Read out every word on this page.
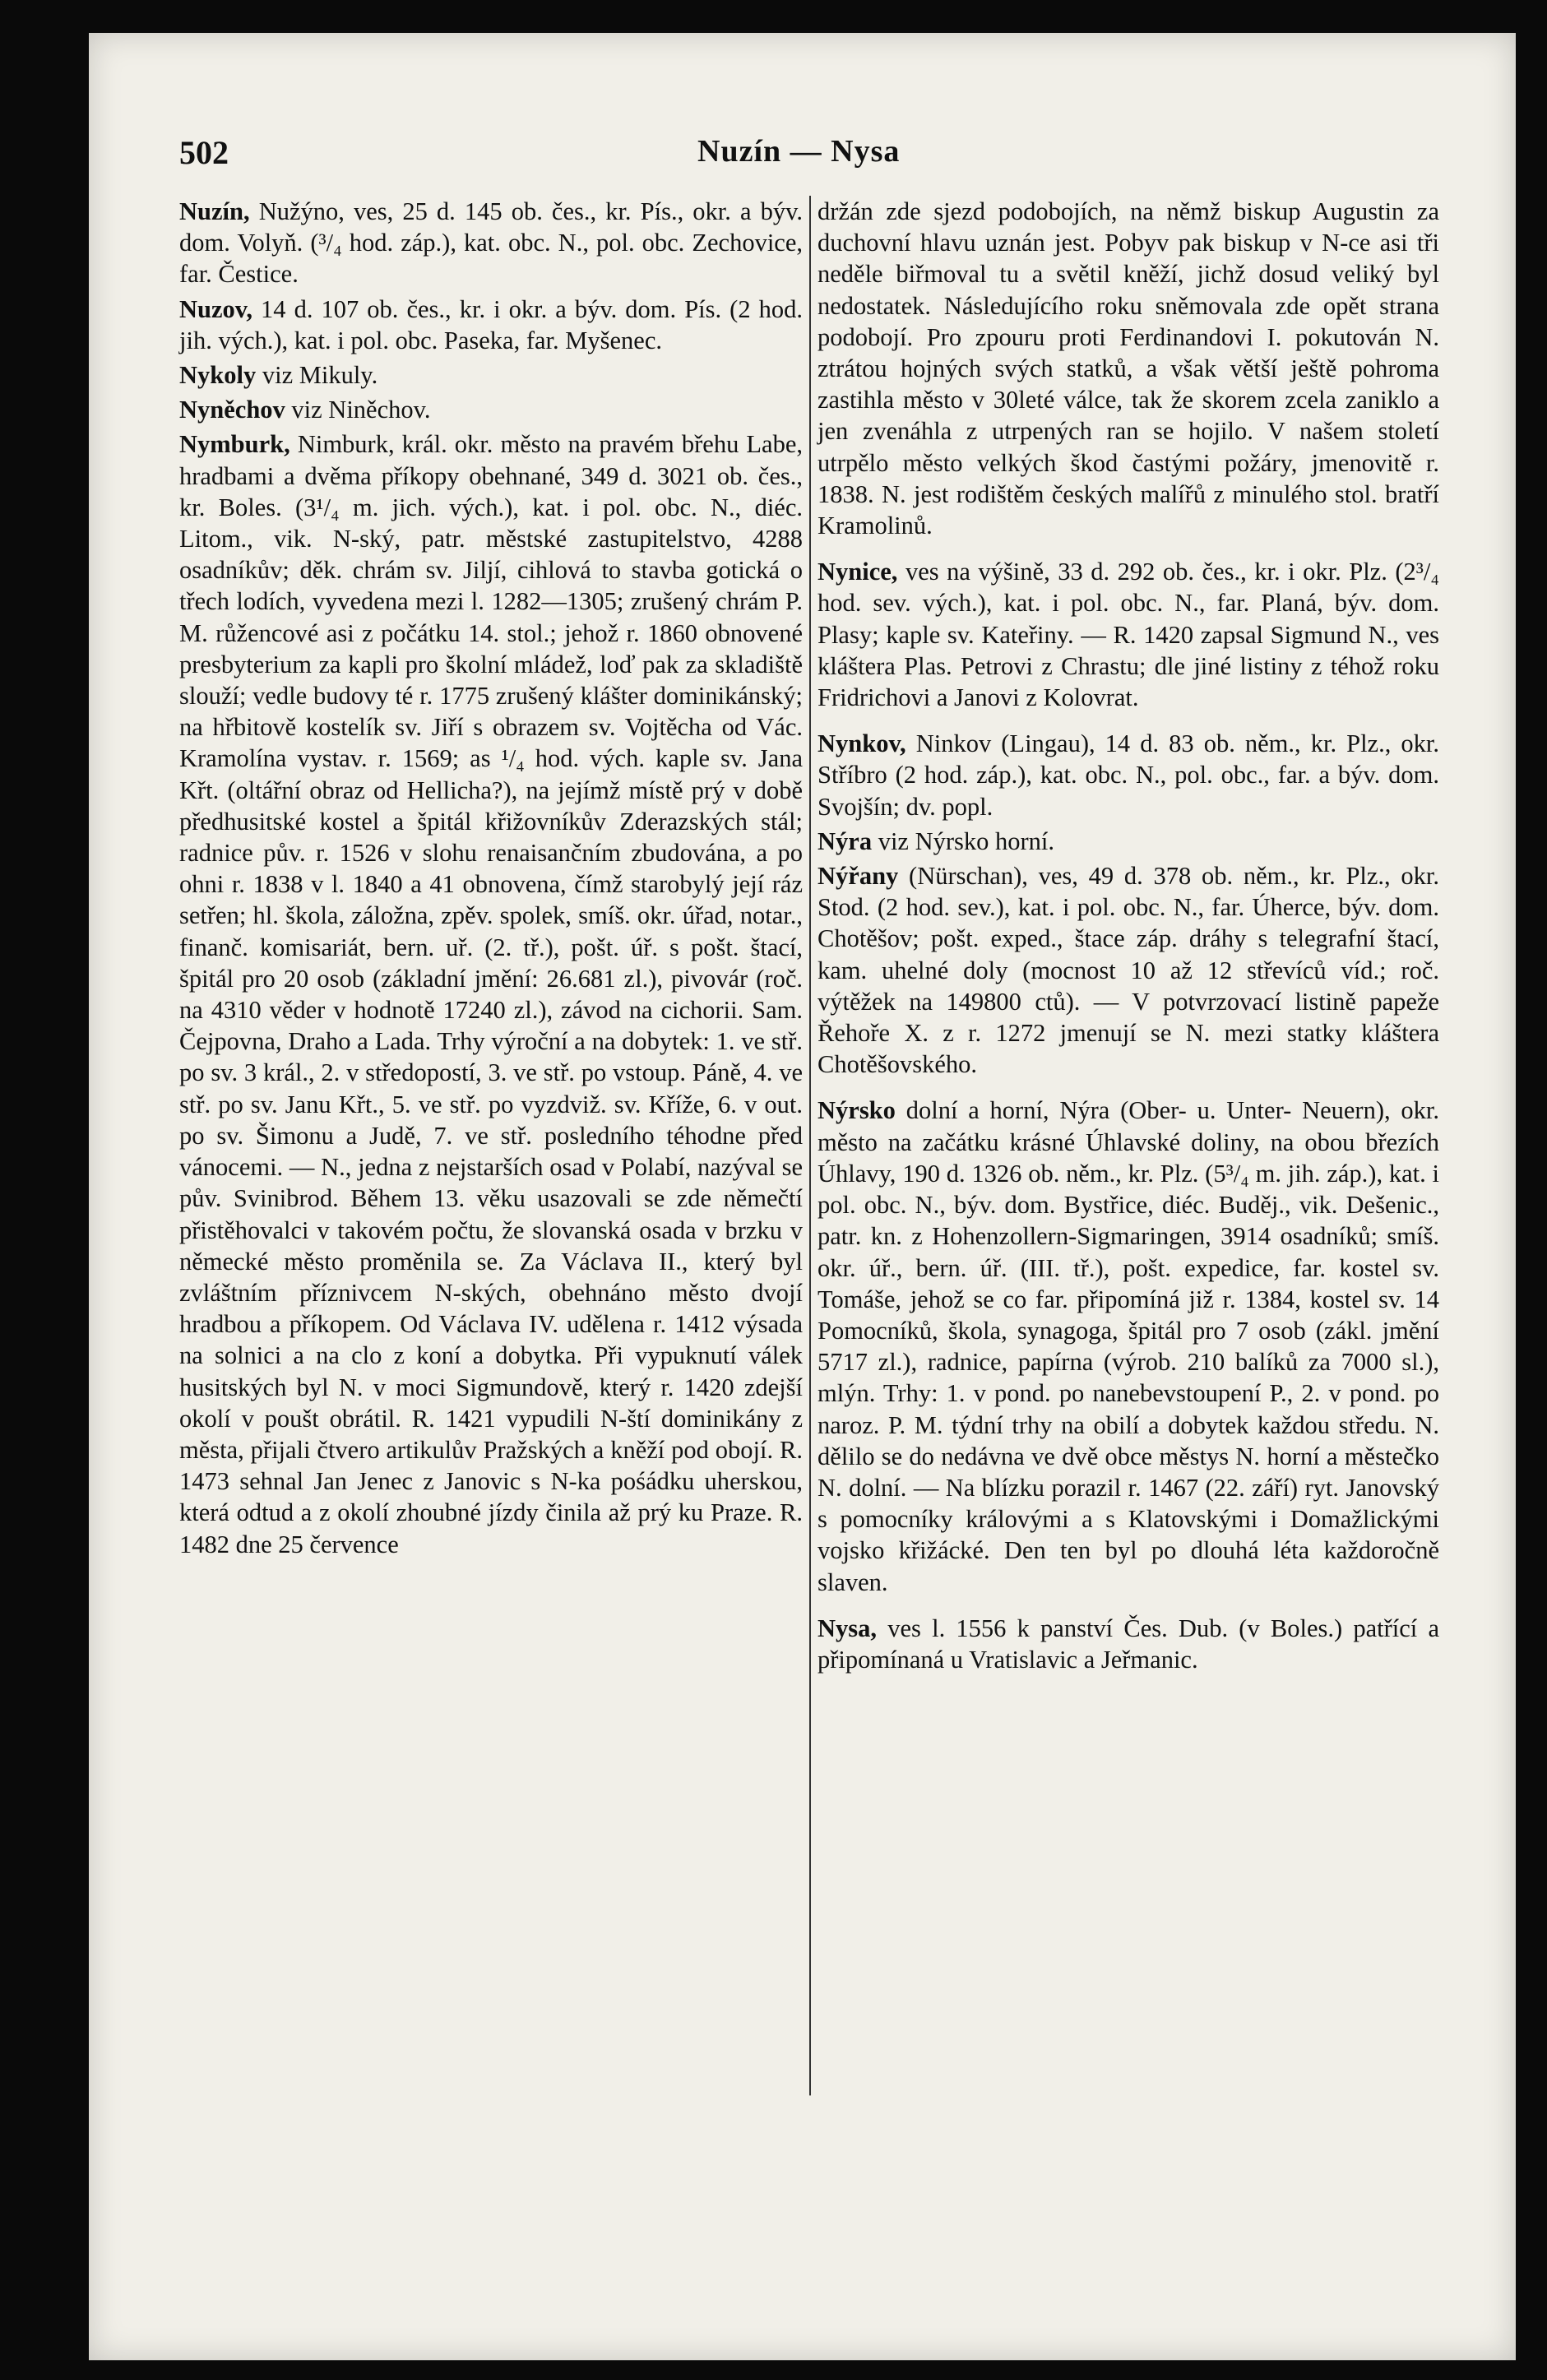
502	Nuzín — Nysa

Nuzín, Nužýno, ves, 25 d. 145 ob. čes., kr. Pís., okr. a býv. dom. Volyň. (³/₄ hod. záp.), kat. obc. N., pol. obc. Zechovice, far. Čestice.

Nuzov, 14 d. 107 ob. čes., kr. i okr. a býv. dom. Pís. (2 hod. jih. vých.), kat. i pol. obc. Paseka, far. Myšenec.

Nykoly viz Mikuly.

Nyněchov viz Niněchov.

Nymburk, Nimburk, král. okr. město na pravém břehu Labe, hradbami a dvěma příkopy obehnané, 349 d. 3021 ob. čes., kr. Boles. (3¹/₄ m. jich. vých.), kat. i pol. obc. N., diéc. Litom., vik. N-ský, patr. městské zastupitelstvo, 4288 osadníkův; děk. chrám sv. Jiljí, cihlová to stavba gotická o třech lodích, vyvedena mezi l. 1282—1305; zrušený chrám P. M. růžencové asi z počátku 14. stol.; jehož r. 1860 obnovené presbyterium za kapli pro školní mládež, loď pak za skladiště slouží; vedle budovy té r. 1775 zrušený klášter dominikánský; na hřbitově kostelík sv. Jiří s obrazem sv. Vojtěcha od Vác. Kramolína vystav. r. 1569; as ¹/₄ hod. vých. kaple sv. Jana Křt. (oltářní obraz od Hellicha?), na jejímž místě prý v době předhusitské kostel a špitál křižovníkův Zderazských stál; radnice pův. r. 1526 v slohu renaisančním zbudována, a po ohni r. 1838 v l. 1840 a 41 obnovena, čímž starobylý její ráz setřen; hl. škola, záložna, zpěv. spolek, smíš. okr. úřad, notar., finanč. komisariát, bern. uř. (2. tř.), pošt. úř. s pošt. štací, špitál pro 20 osob (základní jmění: 26.681 zl.), pivovár (roč. na 4310 věder v hodnotě 17240 zl.), závod na cichorii. Sam. Čejpovna, Draho a Lada. Trhy výroční a na dobytek: 1. ve stř. po sv. 3 král., 2. v středopostí, 3. ve stř. po vstoup. Páně, 4. ve stř. po sv. Janu Křt., 5. ve stř. po vyzdviž. sv. Kříže, 6. v out. po sv. Šimonu a Judě, 7. ve stř. posledního téhodne před vánocemi. — N., jedna z nejstarších osad v Polabí, nazýval se pův. Svinibrod. Během 13. věku usazovali se zde němečtí přistěhovalci v takovém počtu, že slovanská osada v brzku v německé město proměnila se. Za Václava II., který byl zvláštním příznivcem N-ských, obehnáno město dvojí hradbou a příkopem. Od Václava IV. udělena r. 1412 výsada na solnici a na clo z koní a dobytka. Při vypuknutí válek husitských byl N. v moci Sigmundově, který r. 1420 zdejší okolí v poušt obrátil. R. 1421 vypudili N-ští dominikány z města, přijali čtvero artikulův Pražských a kněží pod obojí. R. 1473 sehnal Jan Jenec z Janovic s N-ka pośádku uherskou, která odtud a z okolí zhoubné jízdy činila až prý ku Praze. R. 1482 dne 25 července

držán zde sjezd podobojích, na němž biskup Augustin za duchovní hlavu uznán jest. Pobyv pak biskup v N-ce asi tři neděle biřmoval tu a světil kněží, jichž dosud veliký byl nedostatek. Následujícího roku sněmovala zde opět strana podobojí. Pro zpouru proti Ferdinandovi I. pokutován N. ztrátou hojných svých statků, a však větší ještě pohroma zastihla město v 30leté válce, tak že skorem zcela zaniklo a jen zvenáhla z utrpených ran se hojilo. V našem století utrpělo město velkých škod častými požáry, jmenovitě r. 1838. N. jest rodištěm českých malířů z minulého stol. bratří Kramolinů.

Nynice, ves na výšině, 33 d. 292 ob. čes., kr. i okr. Plz. (2³/₄ hod. sev. vých.), kat. i pol. obc. N., far. Planá, býv. dom. Plasy; kaple sv. Kateřiny. — R. 1420 zapsal Sigmund N., ves kláštera Plas. Petrovi z Chrastu; dle jiné listiny z téhož roku Fridrichovi a Janovi z Kolovrat.

Nynkov, Ninkov (Lingau), 14 d. 83 ob. něm., kr. Plz., okr. Stříbro (2 hod. záp.), kat. obc. N., pol. obc., far. a býv. dom. Svojšín; dv. popl.

Nýra viz Nýrsko horní.

Nýřany (Nürschan), ves, 49 d. 378 ob. něm., kr. Plz., okr. Stod. (2 hod. sev.), kat. i pol. obc. N., far. Úherce, býv. dom. Chotěšov; pošt. exped., štace záp. dráhy s telegrafní štací, kam. uhelné doly (mocnost 10 až 12 střevíců víd.; roč. výtěžek na 149800 ctů). — V potvrzovací listině papeže Řehoře X. z r. 1272 jmenují se N. mezi statky kláštera Chotěšovského.

Nýrsko dolní a horní, Nýra (Ober- u. Unter- Neuern), okr. město na začátku krásné Úhlavské doliny, na obou březích Úhlavy, 190 d. 1326 ob. něm., kr. Plz. (5³/₄ m. jih. záp.), kat. i pol. obc. N., býv. dom. Bystřice, diéc. Buděj., vik. Dešenic., patr. kn. z Hohenzollern-Sigmaringen, 3914 osadníků; smíš. okr. úř., bern. úř. (III. tř.), pošt. expedice, far. kostel sv. Tomáše, jehož se co far. připomíná již r. 1384, kostel sv. 14 Pomocníků, škola, synagoga, špitál pro 7 osob (zákl. jmění 5717 zl.), radnice, papírna (výrob. 210 balíků za 7000 sl.), mlýn. Trhy: 1. v pond. po nanebevstoupení P., 2. v pond. po naroz. P. M. týdní trhy na obilí a dobytek každou středu. N. dělilo se do nedávna ve dvě obce městys N. horní a městečko N. dolní. — Na blízku porazil r. 1467 (22. září) ryt. Janovský s pomocníky královými a s Klatovskými i Domažlickými vojsko křižácké. Den ten byl po dlouhá léta každoročně slaven.

Nysa, ves l. 1556 k panství Čes. Dub. (v Boles.) patřící a připomínaná u Vratislavic a Jeřmanic.
